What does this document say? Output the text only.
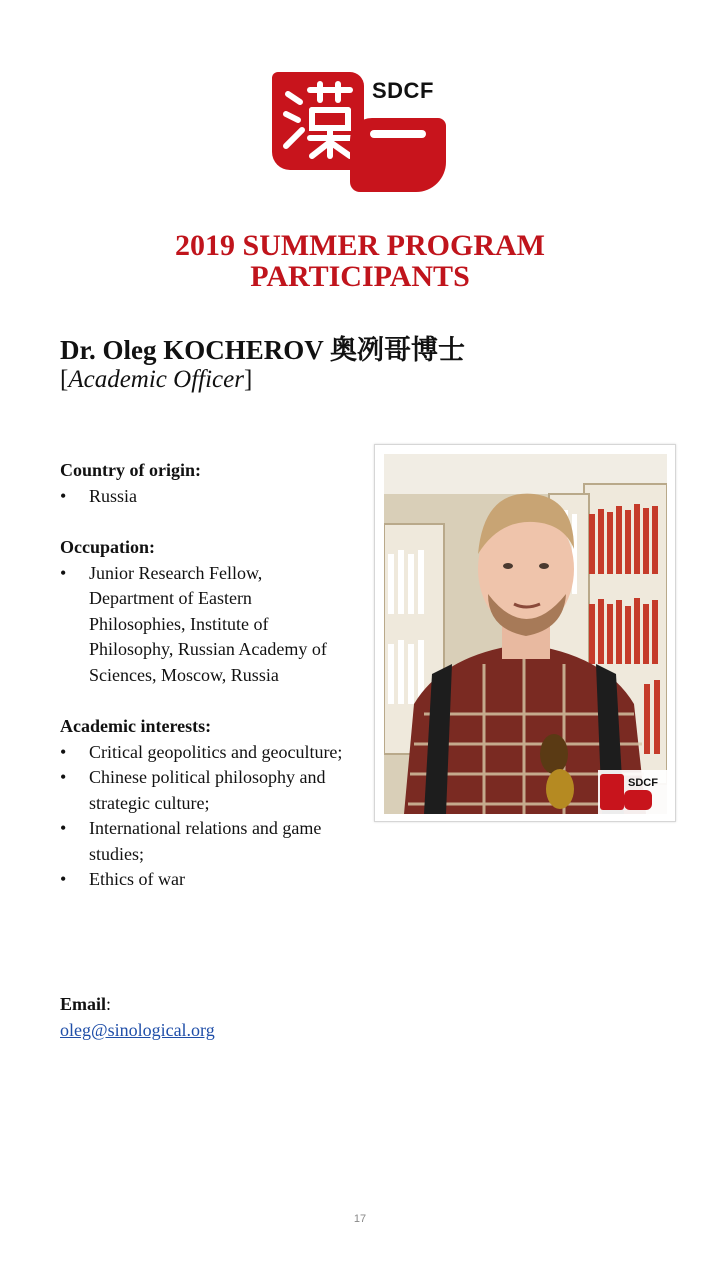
SDCF
2019 SUMMER PROGRAM
PARTICIPANTS
Dr. Oleg KOCHEROV 奥冽哥博士
[Academic Officer]
Country of origin:
• Russia
Occupation:
• Junior Research Fellow, Department of Eastern Philosophies, Institute of Philosophy, Russian Academy of Sciences, Moscow, Russia
Academic interests:
• Critical geopolitics and geoculture;
• Chinese political philosophy and strategic culture;
• International relations and game studies;
• Ethics of war
Email:
oleg@sinological.org
SDCF
17
